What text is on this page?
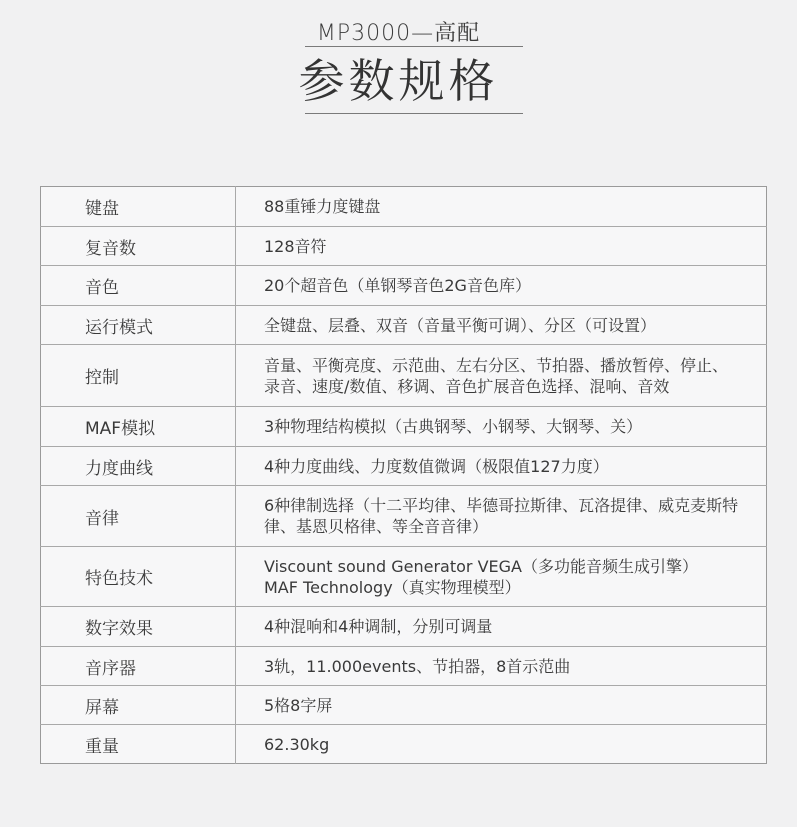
MP3000—高配
参数规格
键盘	88重锤力度键盘

复音数	128音符

音色	20个超音色（单钢琴音色2G音色库）

运行模式	全键盘、层叠、双音（音量平衡可调）、分区（可设置）

控制	音量、平衡亮度、示范曲、左右分区、节拍器、播放暂停、停止、
录音、速度/数值、移调、音色扩展音色选择、混响、音效

MAF模拟	3种物理结构模拟（古典钢琴、小钢琴、大钢琴、关）

力度曲线	4种力度曲线、力度数值微调（极限值127力度）

音律	6种律制选择（十二平均律、毕德哥拉斯律、瓦洛提律、威克麦斯特
律、基恩贝格律、等全音音律）

特色技术	Viscount sound Generator VEGA（多功能音频生成引擎）
MAF Technology（真实物理模型）

数字效果	4种混响和4种调制，分别可调量

音序器	3轨，11.000events、节拍器，8首示范曲

屏幕	5格8字屏

重量	62.30kg
